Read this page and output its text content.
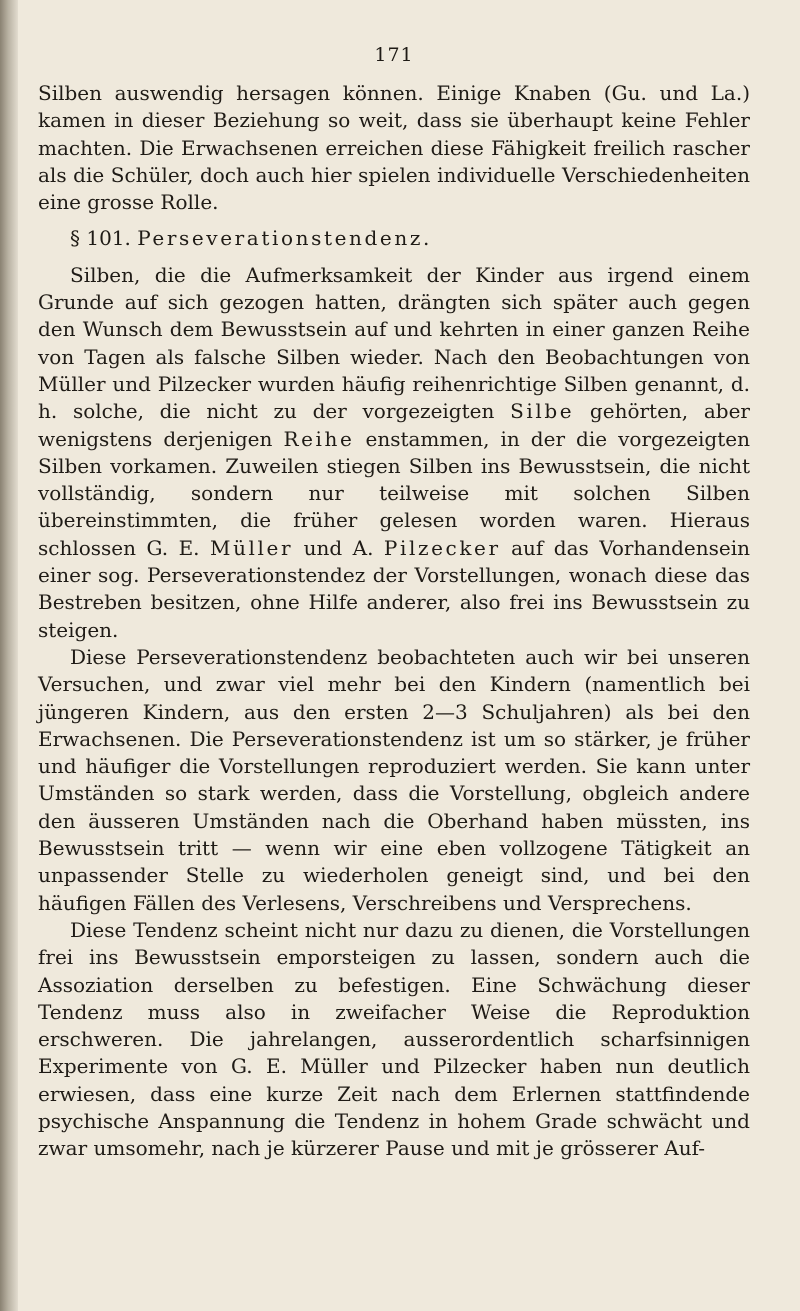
171

Silben auswendig hersagen können. Einige Knaben (Gu. und La.) kamen in dieser Beziehung so weit, dass sie überhaupt keine Fehler machten. Die Erwachsenen erreichen diese Fähigkeit freilich rascher als die Schüler, doch auch hier spielen individuelle Verschiedenheiten eine grosse Rolle.

§ 101. Perseverationstendenz.

Silben, die die Aufmerksamkeit der Kinder aus irgend einem Grunde auf sich gezogen hatten, drängten sich später auch gegen den Wunsch dem Bewusstsein auf und kehrten in einer ganzen Reihe von Tagen als falsche Silben wieder. Nach den Beobachtungen von Müller und Pilzecker wurden häufig reihenrichtige Silben genannt, d. h. solche, die nicht zu der vorgezeigten Silbe gehörten, aber wenigstens derjenigen Reihe enstammen, in der die vorgezeigten Silben vorkamen. Zuweilen stiegen Silben ins Bewusstsein, die nicht vollständig, sondern nur teilweise mit solchen Silben übereinstimmten, die früher gelesen worden waren. Hieraus schlossen G. E. Müller und A. Pilzecker auf das Vorhandensein einer sog. Perseverationstendez der Vorstellungen, wonach diese das Bestreben besitzen, ohne Hilfe anderer, also frei ins Bewusstsein zu steigen.

Diese Perseverationstendenz beobachteten auch wir bei unseren Versuchen, und zwar viel mehr bei den Kindern (namentlich bei jüngeren Kindern, aus den ersten 2—3 Schuljahren) als bei den Erwachsenen. Die Perseverationstendenz ist um so stärker, je früher und häufiger die Vorstellungen reproduziert werden. Sie kann unter Umständen so stark werden, dass die Vorstellung, obgleich andere den äusseren Umständen nach die Oberhand haben müssten, ins Bewusstsein tritt — wenn wir eine eben vollzogene Tätigkeit an unpassender Stelle zu wiederholen geneigt sind, und bei den häufigen Fällen des Verlesens, Verschreibens und Versprechens.

Diese Tendenz scheint nicht nur dazu zu dienen, die Vorstellungen frei ins Bewusstsein emporsteigen zu lassen, sondern auch die Assoziation derselben zu befestigen. Eine Schwächung dieser Tendenz muss also in zweifacher Weise die Reproduktion erschweren. Die jahrelangen, ausserordentlich scharfsinnigen Experimente von G. E. Müller und Pilzecker haben nun deutlich erwiesen, dass eine kurze Zeit nach dem Erlernen stattfindende psychische Anspannung die Tendenz in hohem Grade schwächt und zwar umsomehr, nach je kürzerer Pause und mit je grösserer Auf-
